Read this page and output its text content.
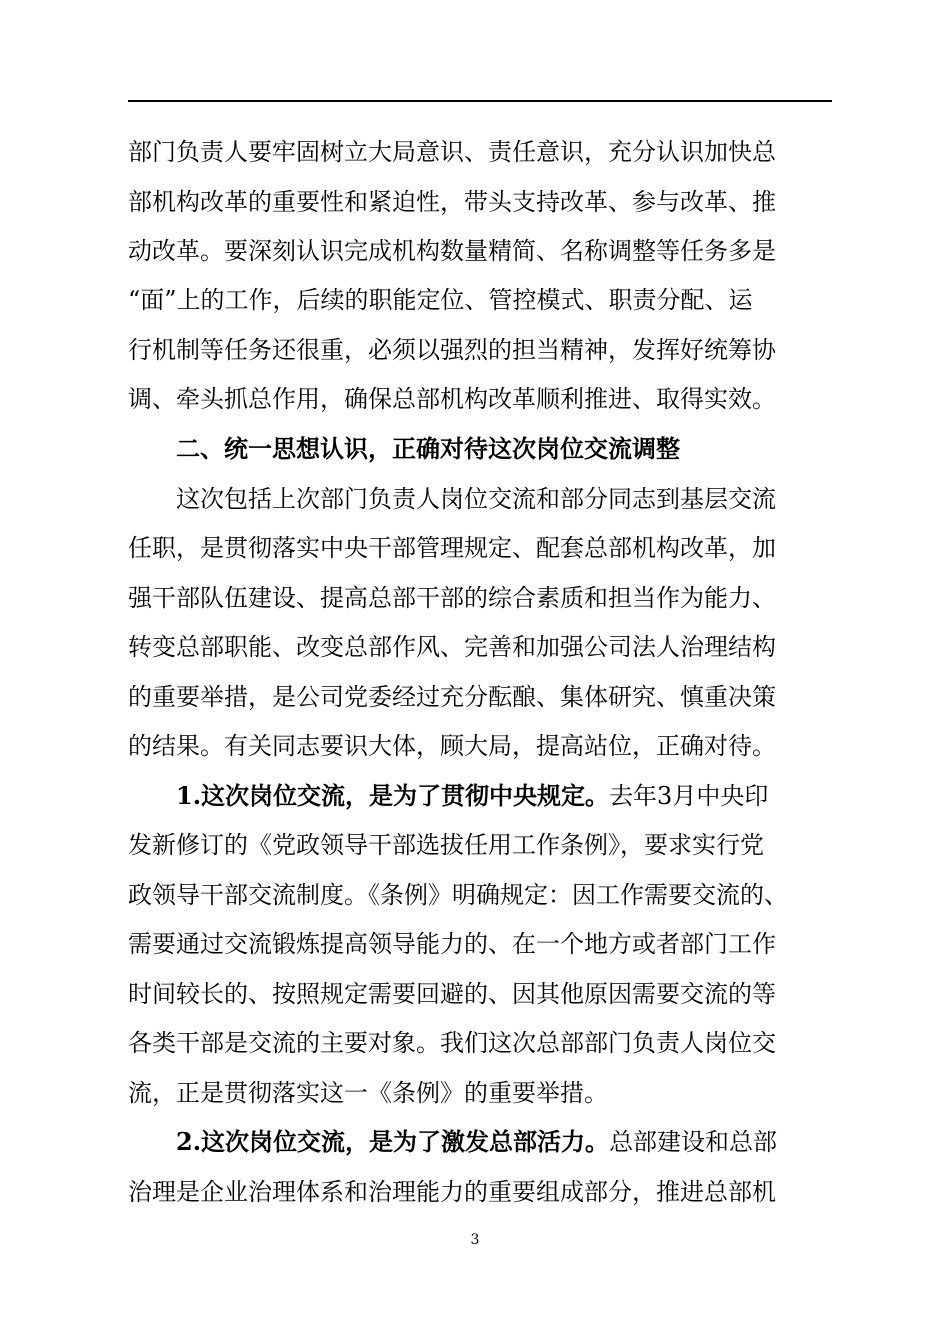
部门负责人要牢固树立大局意识、责任意识，充分认识加快总
部机构改革的重要性和紧迫性，带头支持改革、参与改革、推
动改革。要深刻认识完成机构数量精简、名称调整等任务多是
“面”上的工作，后续的职能定位、管控模式、职责分配、运
行机制等任务还很重，必须以强烈的担当精神，发挥好统筹协
调、牵头抓总作用，确保总部机构改革顺利推进、取得实效。
二、统一思想认识，正确对待这次岗位交流调整
这次包括上次部门负责人岗位交流和部分同志到基层交流
任职，是贯彻落实中央干部管理规定、配套总部机构改革，加
强干部队伍建设、提高总部干部的综合素质和担当作为能力、
转变总部职能、改变总部作风、完善和加强公司法人治理结构
的重要举措，是公司党委经过充分酝酿、集体研究、慎重决策
的结果。有关同志要识大体，顾大局，提高站位，正确对待。
1.这次岗位交流，是为了贯彻中央规定。去年3月中央印
发新修订的《党政领导干部选拔任用工作条例》，要求实行党
政领导干部交流制度。《条例》明确规定：因工作需要交流的、
需要通过交流锻炼提高领导能力的、在一个地方或者部门工作
时间较长的、按照规定需要回避的、因其他原因需要交流的等
各类干部是交流的主要对象。我们这次总部部门负责人岗位交
流，正是贯彻落实这一《条例》的重要举措。
2.这次岗位交流，是为了激发总部活力。总部建设和总部
治理是企业治理体系和治理能力的重要组成部分，推进总部机
3
